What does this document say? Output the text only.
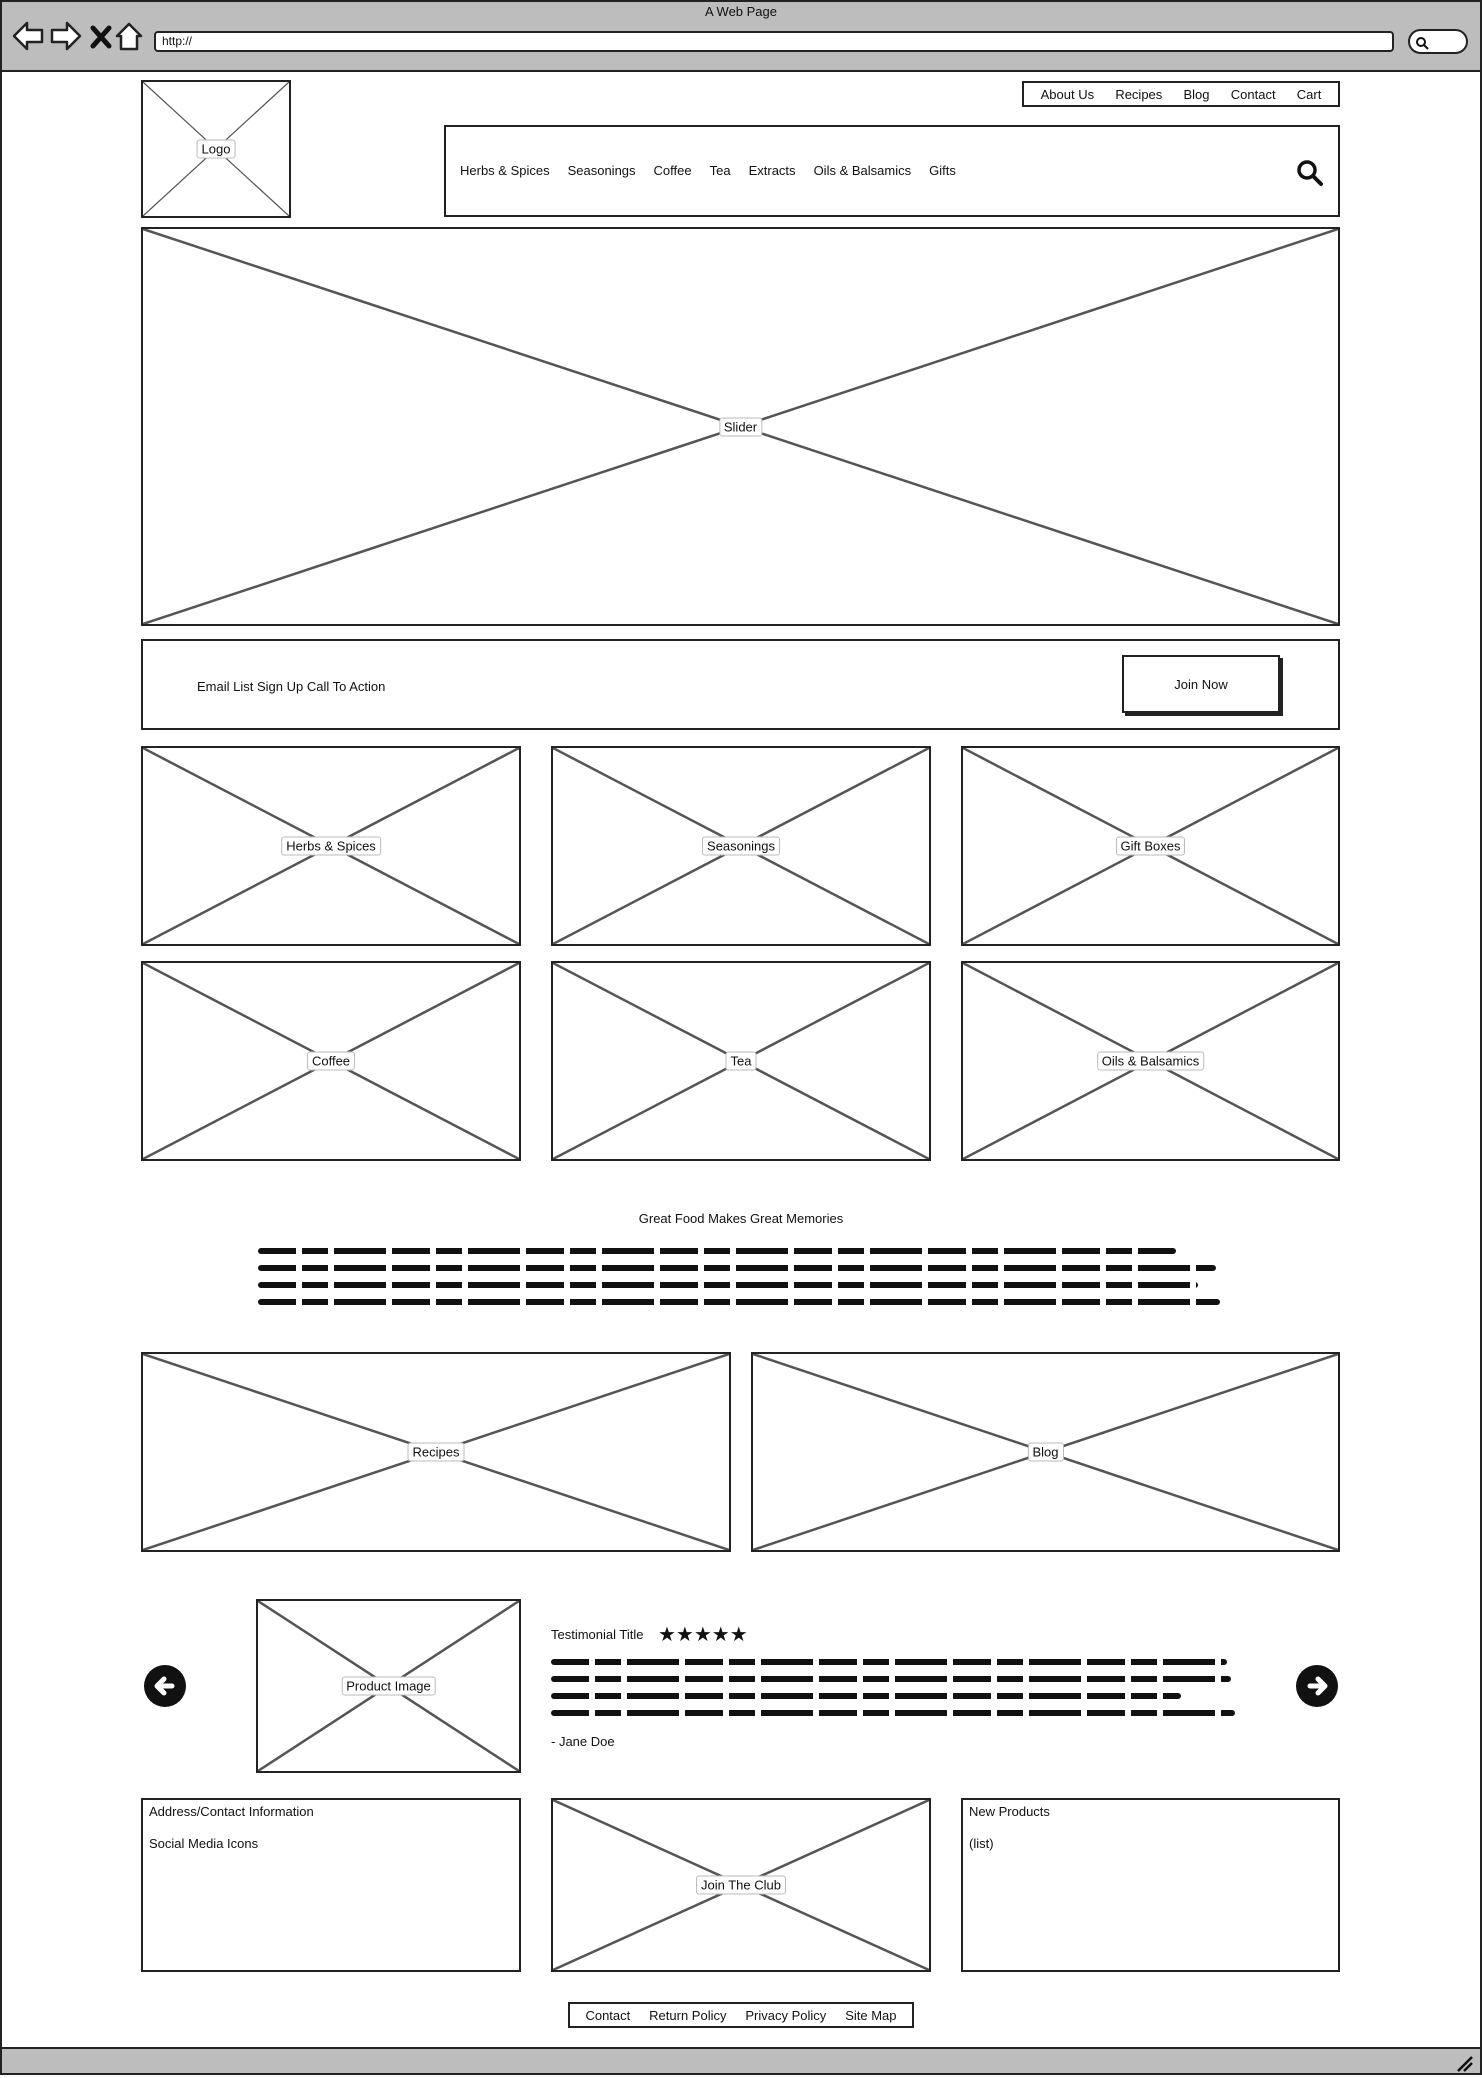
A Web Page
http://
Logo
About Us Recipes Blog Contact Cart
Herbs & Spices Seasonings Coffee Tea Extracts Oils & Balsamics Gifts
Slider
Email List Sign Up Call To Action	Join Now
Herbs & Spices	Seasonings	Gift Boxes
Coffee	Tea	Oils & Balsamics
Great Food Makes Great Memories
Recipes	Blog
Product Image
Testimonial Title ★★★★★
- Jane Doe
Address/Contact Information
Social Media Icons
Join The Club
New Products
(list)
Contact Return Policy Privacy Policy Site Map
